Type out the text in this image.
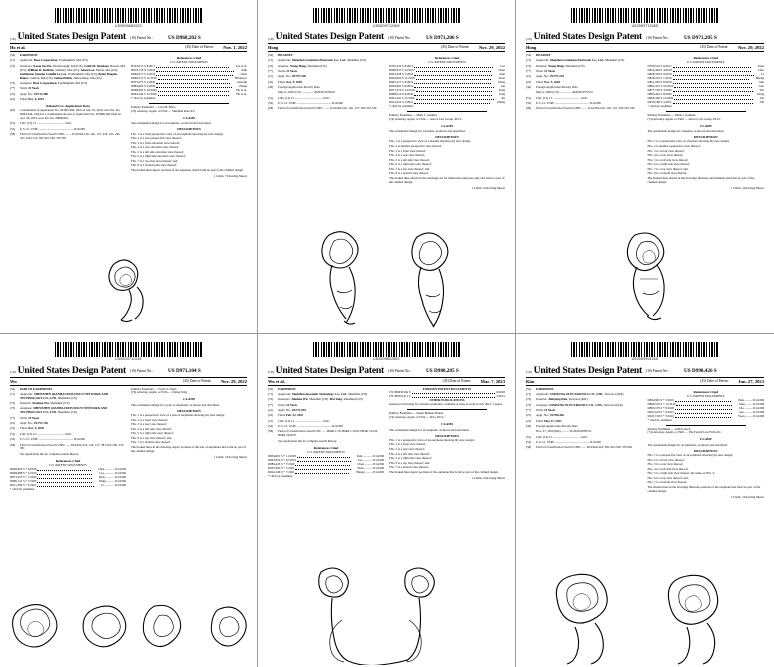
US00D968202S
(19) United States Design Patent (10) Patent No.:	US D968,202 S
Ho et al.	(45) Date of Patent:	Nov. 1, 2022
(54)	EARPHONE
(71)	Applicant: Bose Corporation, Framingham, MA (US)
(72)	Inventors: Kwan Yee Ho, Westborough, MA (US); Caleb M. Dunham, Boston, MA (US); William R. Robbins, Sudbury, MA (US); Adam Lee, Natick, MA (US); Guillaume Antoine Camille Le Coz, Framingham, MA (US); Brian Douglas Baker, Grafton, MA (US); Stefan Pfeffer, Shrewsbury, MA (US)
(73)	Assignee: Bose Corporation, Framingham, MA (US)
(**)	Term: 15 Years
(21)	Appl. No.: 29/712,380
(22)	Filed: Nov. 6, 2019
Related U.S. Application Data
(63)	Continuation of application No. 29/695,306, filed on Jun. 19, 2019, now Pat. No. D904,344, which is a continuation-in-part of application No. 29/689,228, filed on Apr. 29, 2019, now Pat. No. D898,004.
(51)	LOC (13) Cl. .................................. 14-01
(52)	U.S. Cl. USPC ............................................ D14/206
(58)	Field of Classification Search USPC ....... D14/204-216, 126, 127, 234, 235, 245, 251; D24/174; 381/322-330, 370-381
References Cited
U.S. PATENT DOCUMENTS
D794,615 S 8/2017	Lee et al.
D810,718 S 2/2018	Kim
D840,977 S 2/2019	Chen
D866,515 S 11/2019	Hirokawa
D875,073 S 2/2020	Azzolin
D884,682 S 5/2020	Zhang
D898,004 S 10/2020	Ho et al.
D904,344 S 12/2020	Ho et al.
* cited by examiner
Primary Examiner — Lisa M. Bobo
(74) Attorney, Agent, or Firm — Sheridan Ross P.C.
CLAIM
The ornamental design for an earphone, as shown and described.
DESCRIPTION
FIG. 1 is a front perspective view of an earphone showing my new design;
FIG. 2 is a rear perspective view thereof;
FIG. 3 is a front elevation view thereof;
FIG. 4 is a rear elevation view thereof;
FIG. 5 is a left side elevation view thereof;
FIG. 6 is a right side elevation view thereof;
FIG. 7 is a top plan view thereof; and,
FIG. 8 is a bottom plan view thereof.
The broken lines depict portions of the earphone which form no part of the claimed design.
1 Claim, 7 Drawing Sheets
US00D971206S
(19) United States Design Patent (10) Patent No.:	US D971,206 S
Hong	(45) Date of Patent:	Nov. 29, 2022
(54)	HEADSET
(71)	Applicant: Shenzhen Grandsun Electronic Co., Ltd., Shenzhen (CN)
(72)	Inventor: Wang Hong, Shenzhen (CN)
(**)	Term: 15 Years
(21)	Appl. No.: 29/757,246
(22)	Filed: Nov. 5, 2020
(30)	Foreign Application Priority Data
May 6, 2020 (CN) ............... 202030197564.6
(51)	LOC (13) Cl. .................................. 14-01
(52)	U.S. Cl. USPC ............................................ D14/206
(58)	Field of Classification Search USPC ....... D14/204-216, 126, 127; 381/322-330
References Cited
U.S. PATENT DOCUMENTS
D795,232 S 8/2017	Lee
D806,055 S 12/2017	Chen
D822,638 S 7/2018	Kim
D834,002 S 11/2018	Zhou
D845,277 S 4/2019	Wang
D856,962 S 8/2019	Liu
D871,376 S 12/2019	Yang
D888,014 S 6/2020	Tang
D901,441 S 11/2020	Xu
D912,022 S 3/2021	Zhang
* cited by examiner
Primary Examiner — Mark J. Gaumbo
(74) Attorney, Agent, or Firm — Anova Law Group, PLLC
CLAIM
The ornamental design for a headset, as shown and described.
DESCRIPTION
FIG. 1 is a perspective view of a headset showing my new design;
FIG. 2 is another perspective view thereof;
FIG. 3 is a front view thereof;
FIG. 4 is a rear view thereof;
FIG. 5 is a left side view thereof;
FIG. 6 is a right side view thereof;
FIG. 7 is a top view thereof; and,
FIG. 8 is a bottom view thereof.
The broken lines shown in the drawings are for illustration purposes only and form no part of the claimed design.
1 Claim, 4 Drawing Sheets
US00D971205S
(19) United States Design Patent (10) Patent No.:	US D971,205 S
Hong	(45) Date of Patent:	Nov. 29, 2022
(54)	HEADSET
(71)	Applicant: Shenzhen Grandsun Electronic Co., Ltd., Shenzhen (CN)
(72)	Inventor: Wang Hong, Shenzhen (CN)
(**)	Term: 15 Years
(21)	Appl. No.: 29/757,244
(22)	Filed: Nov. 5, 2020
(30)	Foreign Application Priority Data
May 6, 2020 (CN) ............... 202030197572.0
(51)	LOC (13) Cl. .................................. 14-01
(52)	U.S. Cl. USPC ............................................ D14/206
(58)	Field of Classification Search USPC ....... D14/204-216, 126, 127; 381/322-330
References Cited
U.S. PATENT DOCUMENTS
D790,510 S 6/2017	Park
D814,448 S 4/2018	Choi
D828,329 S 9/2018	Li
D839,232 S 1/2019	Huang
D851,065 S 6/2019	Sun
D862,431 S 10/2019	Guo
D877,720 S 3/2020	Wu
D893,461 S 8/2020	Deng
D906,300 S 12/2020	Lin
D918,180 S 5/2021	He
* cited by examiner
Primary Examiner — Mark J. Gaumbo
(74) Attorney, Agent, or Firm — Anova Law Group, PLLC
CLAIM
The ornamental design for a headset, as shown and described.
DESCRIPTION
FIG. 1 is a perspective view of a headset showing my new design;
FIG. 2 is another perspective view thereof;
FIG. 3 is a front view thereof;
FIG. 4 is a rear view thereof;
FIG. 5 is a left side view thereof;
FIG. 6 is a right side view thereof;
FIG. 7 is a top view thereof; and,
FIG. 8 is a bottom view thereof.
The broken lines shown in the drawings illustrate environment and form no part of the claimed design.
1 Claim, 4 Drawing Sheets
US00D971104S
(19) United States Design Patent (10) Patent No.:	US D971,104 S
Wu	(45) Date of Patent:	Nov. 29, 2022
(54)	PAIR OF EARPHONES
(71)	Applicant: SHENZHEN QIANHAI PATUOXUN NETWORK AND TECHNOLOGY CO., LTD, Shenzhen (CN)
(72)	Inventor: Xiaohua Wu, Shenzhen (CN)
(73)	Assignee: SHENZHEN QIANHAI PATUOXUN NETWORK AND TECHNOLOGY CO., LTD, Shenzhen (CN)
(**)	Term: 15 Years
(21)	Appl. No.: 29/757,159
(22)	Filed: Nov. 4, 2020
(51)	LOC (13) Cl. .................................. 14-01
(52)	U.S. Cl. USPC ............................................ D14/206
(58)	Field of Classification Search USPC ..... D14/204-216, 126, 127; 381/322-330, 370-381
See application file for complete search history.
References Cited
U.S. PATENT DOCUMENTS
D826,905 S * 8/2018	Chen ............ D14/206
D848,988 S * 5/2019	Liu ............. D14/206
D873,253 S * 1/2020	Zhou ........... D14/206
D890,141 S * 7/2020	Wang .......... D14/206
D911,309 S * 2/2021	Li ............. D14/206
* cited by examiner
Primary Examiner — Freda S. Nunn
(74) Attorney, Agent, or Firm — Cheng Tang
CLAIM
The ornamental design for a pair of earphones, as shown and described.
DESCRIPTION
FIG. 1 is a perspective view of a pair of earphones showing my new design;
FIG. 2 is a front view thereof;
FIG. 3 is a rear view thereof;
FIG. 4 is a left side view thereof;
FIG. 5 is a right side view thereof;
FIG. 6 is a top view thereof; and,
FIG. 7 is a bottom view thereof.
The broken lines in the drawings depict portions of the pair of earphones that form no part of the claimed design.
1 Claim, 3 Drawing Sheets
US00D980285S
(19) United States Design Patent (10) Patent No.:	US D980,285 S
Wu et al.	(45) Date of Patent:	Mar. 7, 2023
(54)	EARPHONE
(71)	Applicant: Shenzhen Ausounds Technology Co., Ltd., Shenzhen (CN)
(72)	Inventors: Jianhua Wu, Shenzhen (CN); Hai Tang, Shenzhen (CN)
(**)	Term: 15 Years
(21)	Appl. No.: 29/771,093
(22)	Filed: Feb. 22, 2021
(51)	LOC (13) Cl. .................................. 14-01
(52)	U.S. Cl. USPC ............................................ D14/206
(58)	Field of Classification Search CPC ..... H04R 1/10; H04R 1/1016; H04R 1/1033; H04R 2420/07
See application file for complete search history.
References Cited
U.S. PATENT DOCUMENTS
D834,001 S * 11/2018	Kim ............ D14/206
D861,653 S * 10/2019	Lee ............ D14/206
D889,445 S * 7/2020	Chen .......... D14/206
D907,009 S * 1/2021	Zhao .......... D14/206
D924,196 S * 7/2021	Huang ......... D14/206
* cited by examiner
FOREIGN PATENT DOCUMENTS
CN 306032164 S	6/2020
CN 306551471 S	3/2021
OTHER PUBLICATIONS
Amazon.com listing for wireless earphones, available at least as early as Jan. 2021, 3 pages.
Primary Examiner — Susan Bennett Hattan
(74) Attorney, Agent, or Firm — IPro, PLLC
CLAIM
The ornamental design for an earphone, as shown and described.
DESCRIPTION
FIG. 1 is a perspective view of an earphone showing my new design;
FIG. 2 is a front view thereof;
FIG. 3 is a rear view thereof;
FIG. 4 is a left side view thereof;
FIG. 5 is a right side view thereof;
FIG. 6 is a top view thereof; and,
FIG. 7 is a bottom view thereof.
The broken lines depict portions of the earphone that form no part of the claimed design.
1 Claim, 4 Drawing Sheets
US00D990426S
(19) United States Design Patent (10) Patent No.:	US D990,426 S
Kim	(45) Date of Patent:	Jun. 27, 2023
(54)	EARPHONE
(71)	Applicant: SAMSUNG ELECTRONICS CO., LTD., Suwon-si (KR)
(72)	Inventor: Jinhyung Kim, Suwon-si (KR)
(73)	Assignee: SAMSUNG ELECTRONICS CO., LTD., Suwon-si (KR)
(**)	Term: 15 Years
(21)	Appl. No.: 29/786,426
(22)	Filed: May 27, 2021
(30)	Foreign Application Priority Data
Nov. 27, 2020 (KR) ......... 30-2020-0058723
(51)	LOC (14) Cl. .................................. 14-01
(52)	U.S. Cl. USPC ............................................ D14/206
(58)	Field of Classification Search USPC ..... D14/204-216; 381/322-330, 370-381
References Cited
U.S. PATENT DOCUMENTS
D842,845 S * 3/2019	Park .......... D14/206
D866,516 S * 11/2019	Jung ......... D14/206
D895,579 S * 9/2020	Cho .......... D14/206
D921,619 S * 6/2021	Seo .......... D14/206
D947,156 S * 3/2022	Yoon ......... D14/206
* cited by examiner
Primary Examiner — Jeffrey Asch
(74) Attorney, Agent, or Firm — The Farrell Law Firm, P.C.
CLAIM
The ornamental design for an earphone, as shown and described.
DESCRIPTION
FIG. 1 is a perspective view of an earphone showing my new design;
FIG. 2 is a front view thereof;
FIG. 3 is a rear view thereof;
FIG. 4 is a left side view thereof;
FIG. 5 is a right side view thereof, the same as FIG. 4;
FIG. 6 is a top view thereof; and,
FIG. 7 is a bottom view thereof.
The broken lines in the drawings illustrate portions of the earphone that form no part of the claimed design.
1 Claim, 3 Drawing Sheets
